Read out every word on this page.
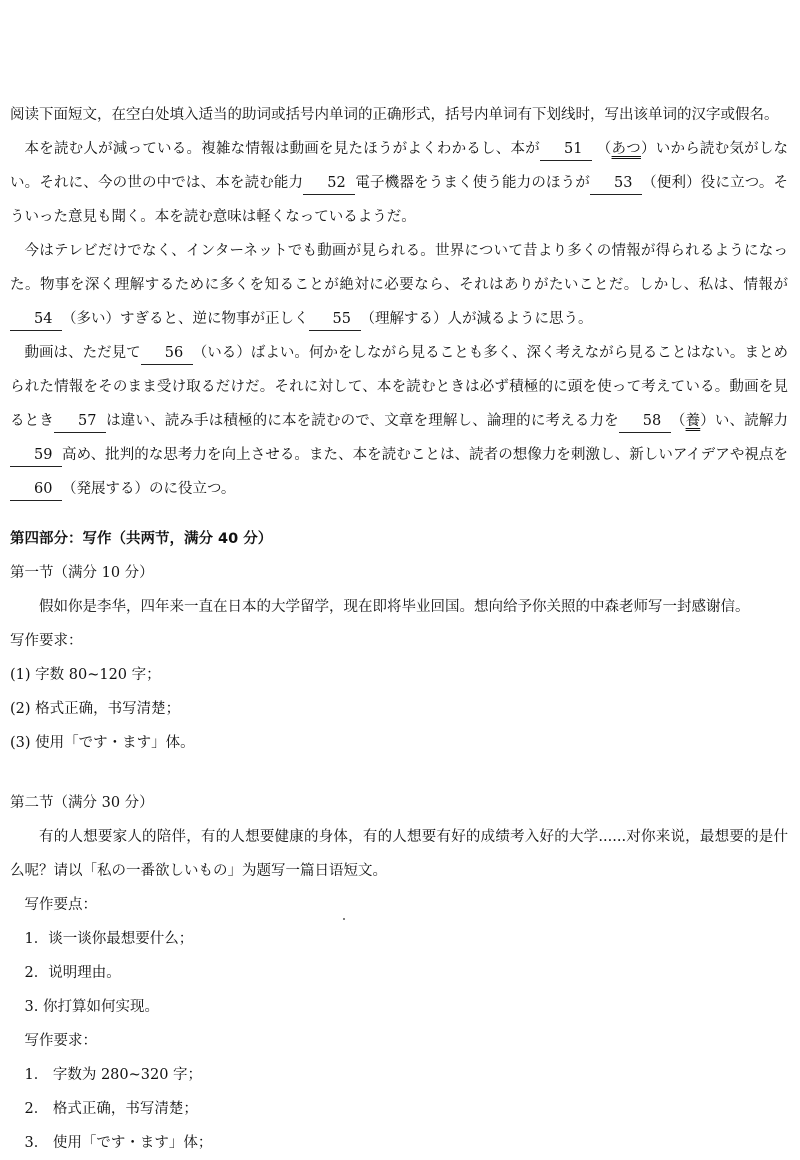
阅读下面短文，在空白处填入适当的助词或括号内单词的正确形式，括号内单词有下划线时，写出该单词的汉字或假名。

本を読む人が減っている。複雑な情報は動画を見たほうがよくわかるし、本が 51 （あつ）いから読む気がしない。それに、今の世の中では、本を読む能力 52 電子機器をうまく使う能力のほうが 53 （便利）役に立つ。そういった意見も聞く。本を読む意味は軽くなっているようだ。

今はテレビだけでなく、インターネットでも動画が見られる。世界について昔より多くの情報が得られるようになった。物事を深く理解するために多くを知ることが絶対に必要なら、それはありがたいことだ。しかし、私は、情報が54 （多い）すぎると、逆に物事が正しく 55 （理解する）人が減るように思う。

動画は、ただ見て 56 （いる）ばよい。何かをしながら見ることも多く、深く考えながら見ることはない。まとめられた情報をそのまま受け取るだけだ。それに対して、本を読むときは必ず積極的に頭を使って考えている。動画を見るとき 57 は違い、読み手は積極的に本を読むので、文章を理解し、論理的に考える力を 58 （養）い、読解力59 高め、批判的な思考力を向上させる。また、本を読むことは、読者の想像力を刺激し、新しいアイデアや視点を60 （発展する）のに役立つ。

第四部分：写作（共两节，满分 40 分）

第一节（满分 10 分）

假如你是李华，四年来一直在日本的大学留学，现在即将毕业回国。想向给予你关照的中森老师写一封感谢信。

写作要求：

(1) 字数 80~120 字；

(2) 格式正确，书写清楚；

(3) 使用「です・ます」体。

第二节（满分 30 分）

有的人想要家人的陪伴，有的人想要健康的身体，有的人想要有好的成绩考入好的大学......对你来说，最想要的是什么呢？请以「私の一番欲しいもの」为题写一篇日语短文。

写作要点：

1．谈一谈你最想要什么；

2．说明理由。

3. 你打算如何实现。

写作要求：

1． 字数为 280~320 字；

2． 格式正确，书写清楚；

3． 使用「です・ます」体；
